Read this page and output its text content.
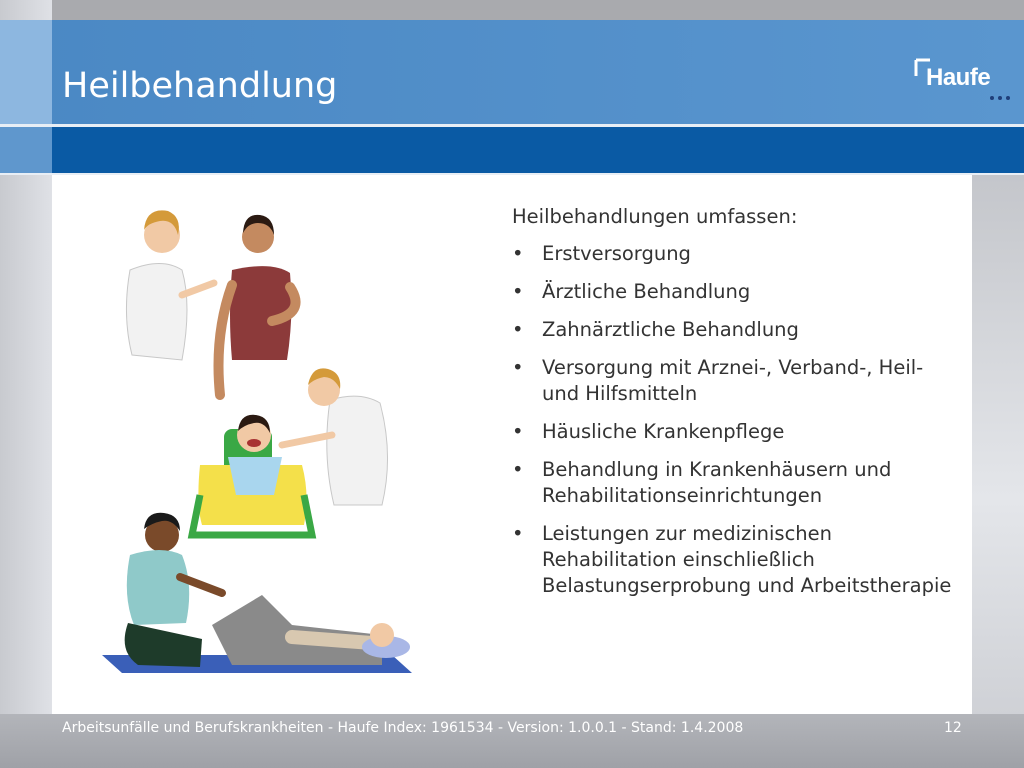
Heilbehandlung	Haufe

Heilbehandlungen umfassen:

• Erstversorgung
• Ärztliche Behandlung
• Zahnärztliche Behandlung
• Versorgung mit Arznei-, Verband-, Heil- und Hilfsmitteln
• Häusliche Krankenpflege
• Behandlung in Krankenhäusern und Rehabilitationseinrichtungen
• Leistungen zur medizinischen Rehabilitation einschließlich Belastungserprobung und Arbeitstherapie
Arbeitsunfälle und Berufskrankheiten - Haufe Index: 1961534 - Version: 1.0.0.1 - Stand: 1.4.2008	12
